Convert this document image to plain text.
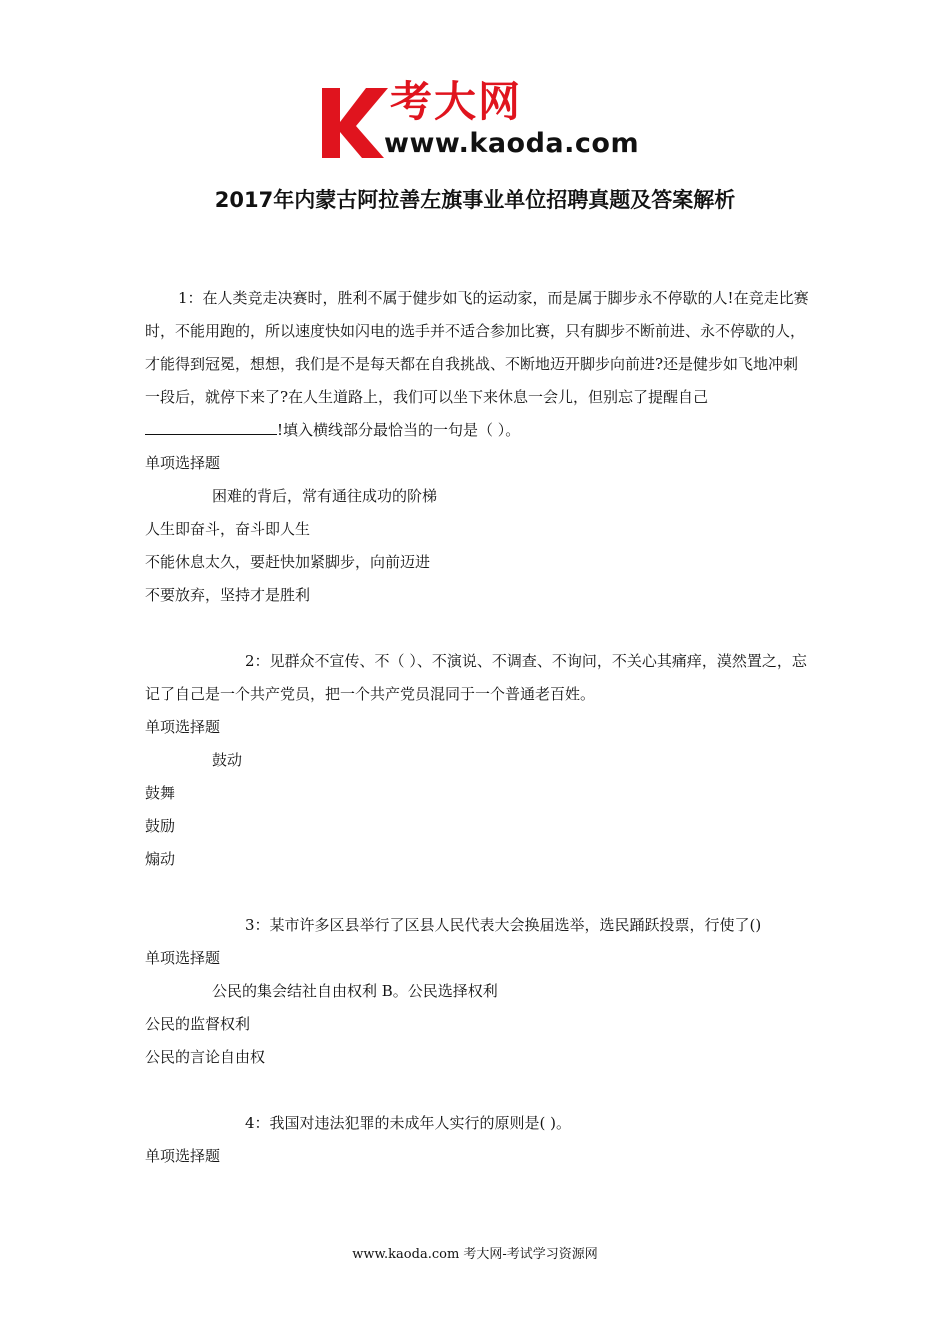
考大网
www.kaoda.com
2017年内蒙古阿拉善左旗事业单位招聘真题及答案解析

1：在人类竞走决赛时，胜利不属于健步如飞的运动家，而是属于脚步永不停歇的人!在竞走比赛时，不能用跑的，所以速度快如闪电的选手并不适合参加比赛，只有脚步不断前进、永不停歇的人，才能得到冠冕，想想，我们是不是每天都在自我挑战、不断地迈开脚步向前进?还是健步如飞地冲刺一段后，就停下来了?在人生道路上，我们可以坐下来休息一会儿，但别忘了提醒自己!填入横线部分最恰当的一句是（ ）。

单项选择题

困难的背后，常有通往成功的阶梯

人生即奋斗，奋斗即人生

不能休息太久，要赶快加紧脚步，向前迈进

不要放弃，坚持才是胜利

2：见群众不宣传、不（ ）、不演说、不调查、不询问，不关心其痛痒，漠然置之，忘记了自己是一个共产党员，把一个共产党员混同于一个普通老百姓。

单项选择题

鼓动

鼓舞

鼓励

煽动

3：某市许多区县举行了区县人民代表大会换届选举，选民踊跃投票，行使了()

单项选择题

公民的集会结社自由权利 B。公民选择权利

公民的监督权利

公民的言论自由权

4：我国对违法犯罪的未成年人实行的原则是( )。

单项选择题

www.kaoda.com 考大网-考试学习资源网
